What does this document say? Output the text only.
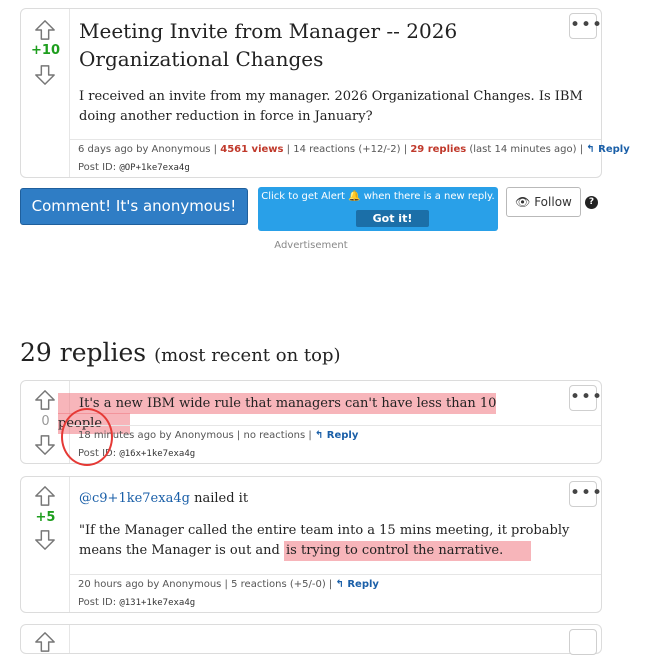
+10
•••
Meeting Invite from Manager -- 2026 Organizational Changes
I received an invite from my manager. 2026 Organizational Changes. Is IBM doing another reduction in force in January?
6 days ago by Anonymous | 4561 views | 14 reactions (+12/-2) | 29 replies (last 14 minutes ago) | ↰ Reply
Post ID: @OP+1ke7exa4g
Comment! It's anonymous!
Click to get Alert 🔔 when there is a new reply.
Got it!
👁 Follow	?
Advertisement
29 replies (most recent on top)
0
•••
It's a new IBM wide rule that managers can't have less than 10 people
18 minutes ago by Anonymous | no reactions | ↰ Reply
Post ID: @16x+1ke7exa4g
+5
•••
@c9+1ke7exa4g nailed it
"If the Manager called the entire team into a 15 mins meeting, it probably means the Manager is out and is trying to control the narrative.
20 hours ago by Anonymous | 5 reactions (+5/-0) | ↰ Reply
Post ID: @131+1ke7exa4g
